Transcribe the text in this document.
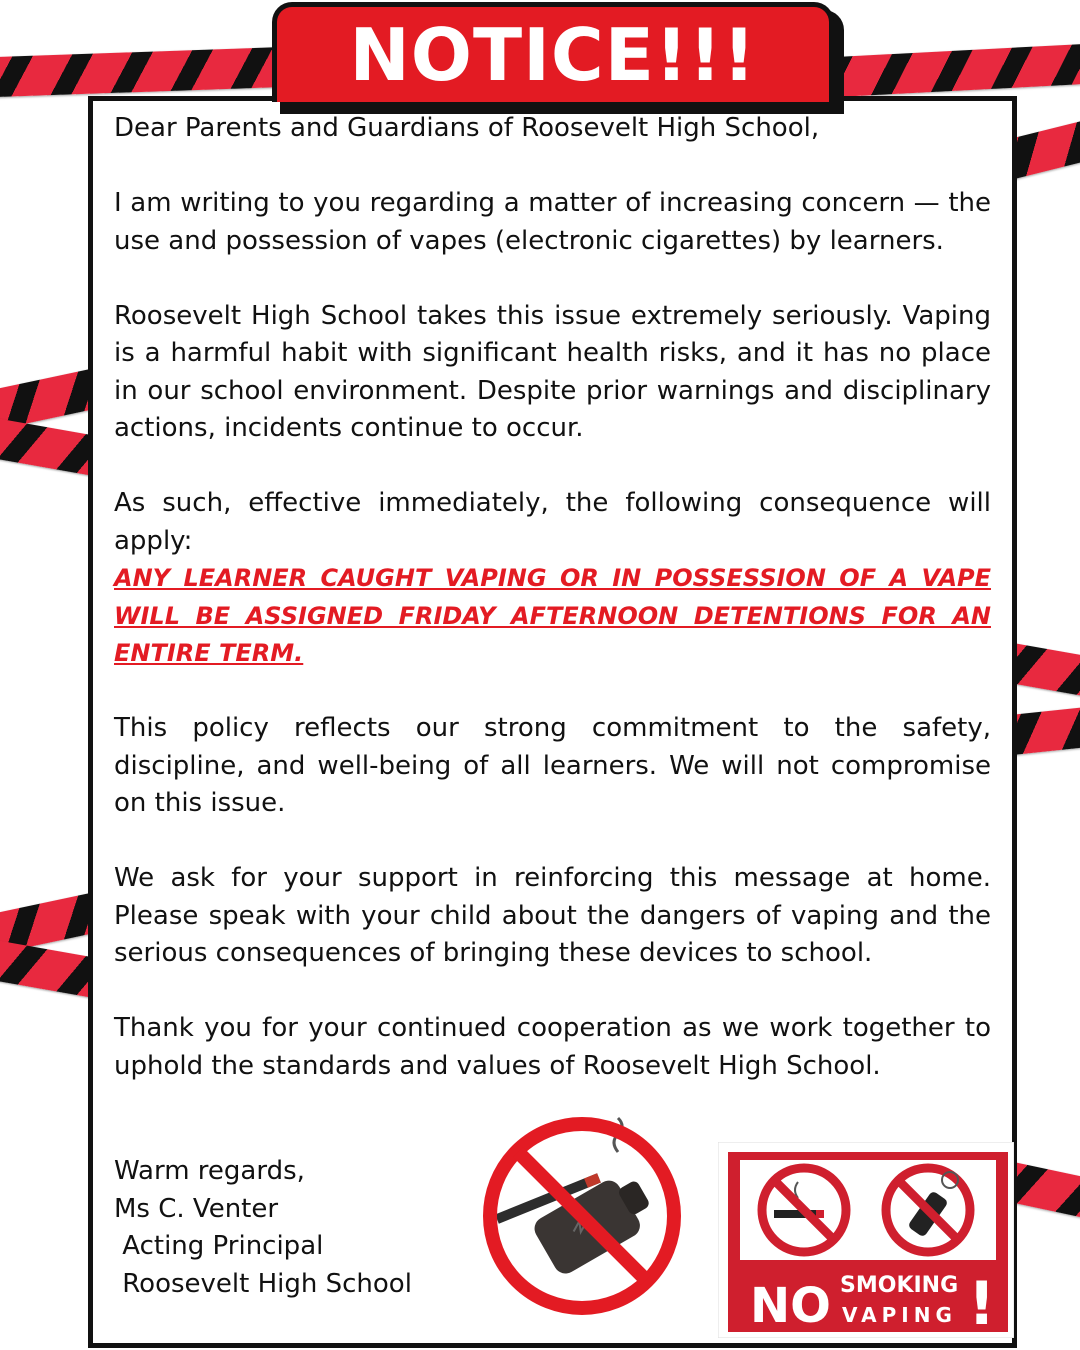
NOTICE!!!

Dear Parents and Guardians of Roosevelt High School,

I am writing to you regarding a matter of increasing concern — the use and possession of vapes (electronic cigarettes) by learners.

Roosevelt High School takes this issue extremely seriously. Vaping is a harmful habit with significant health risks, and it has no place in our school environment. Despite prior warnings and disciplinary actions, incidents continue to occur.

As such, effective immediately, the following consequence will apply:

ANY LEARNER CAUGHT VAPING OR IN POSSESSION OF A VAPE WILL BE ASSIGNED FRIDAY AFTERNOON DETENTIONS FOR AN ENTIRE TERM.

This policy reflects our strong commitment to the safety, discipline, and well-being of all learners. We will not compromise on this issue.

We ask for your support in reinforcing this message at home. Please speak with your child about the dangers of vaping and the serious consequences of bringing these devices to school.

Thank you for your continued cooperation as we work together to uphold the standards and values of Roosevelt High School.

Warm regards,
Ms C. Venter
Acting Principal
Roosevelt High School	NO SMOKING
VAPING !
